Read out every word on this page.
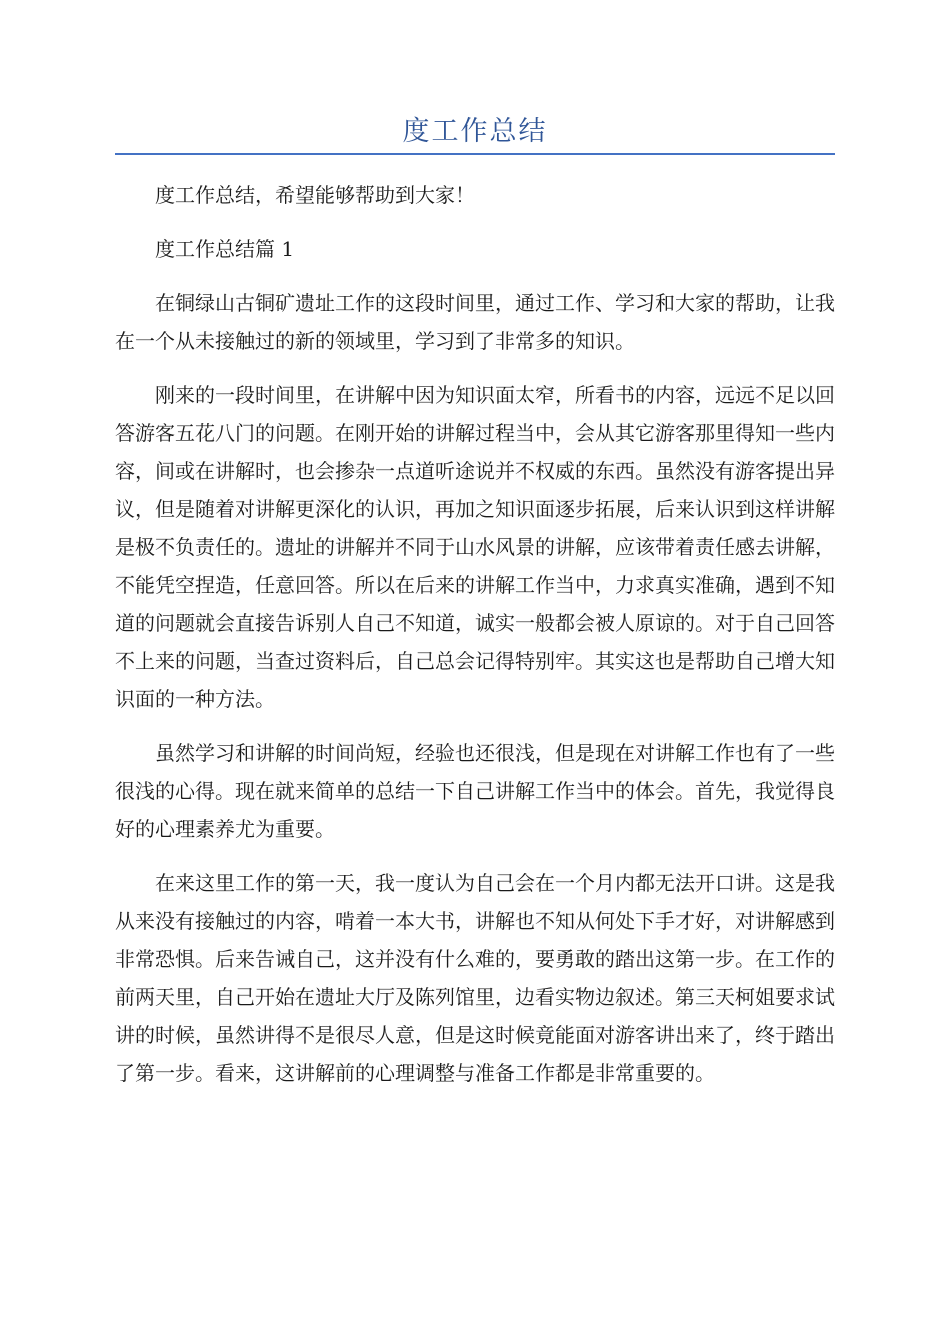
度工作总结

度工作总结，希望能够帮助到大家！

度工作总结篇 1

在铜绿山古铜矿遗址工作的这段时间里，通过工作、学习和大家的帮助，让我在一个从未接触过的新的领域里，学习到了非常多的知识。

刚来的一段时间里，在讲解中因为知识面太窄，所看书的内容，远远不足以回答游客五花八门的问题。在刚开始的讲解过程当中，会从其它游客那里得知一些内容，间或在讲解时，也会掺杂一点道听途说并不权威的东西。虽然没有游客提出异议，但是随着对讲解更深化的认识，再加之知识面逐步拓展，后来认识到这样讲解是极不负责任的。遗址的讲解并不同于山水风景的讲解，应该带着责任感去讲解，不能凭空捏造，任意回答。所以在后来的讲解工作当中，力求真实准确，遇到不知道的问题就会直接告诉别人自己不知道，诚实一般都会被人原谅的。对于自己回答不上来的问题，当查过资料后，自己总会记得特别牢。其实这也是帮助自己增大知识面的一种方法。

虽然学习和讲解的时间尚短，经验也还很浅，但是现在对讲解工作也有了一些很浅的心得。现在就来简单的总结一下自己讲解工作当中的体会。首先，我觉得良好的心理素养尤为重要。

在来这里工作的第一天，我一度认为自己会在一个月内都无法开口讲。这是我从来没有接触过的内容，啃着一本大书，讲解也不知从何处下手才好，对讲解感到非常恐惧。后来告诫自己，这并没有什么难的，要勇敢的踏出这第一步。在工作的前两天里，自己开始在遗址大厅及陈列馆里，边看实物边叙述。第三天柯姐要求试讲的时候，虽然讲得不是很尽人意，但是这时候竟能面对游客讲出来了，终于踏出了第一步。看来，这讲解前的心理调整与准备工作都是非常重要的。
